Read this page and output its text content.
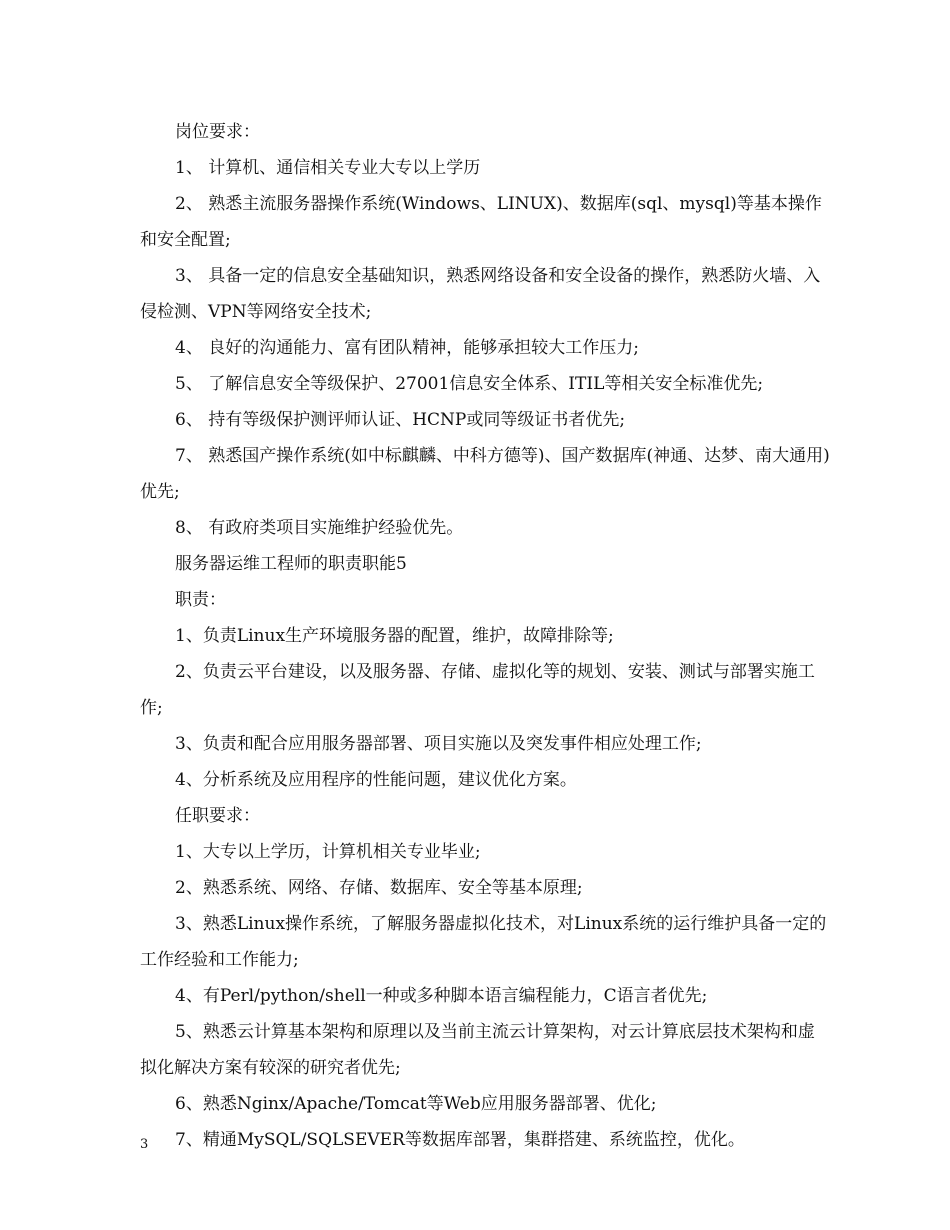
岗位要求：

1、 计算机、通信相关专业大专以上学历

2、 熟悉主流服务器操作系统(Windows、LINUX)、数据库(sql、mysql)等基本操作和安全配置;

3、 具备一定的信息安全基础知识，熟悉网络设备和安全设备的操作，熟悉防火墙、入侵检测、VPN等网络安全技术;

4、 良好的沟通能力、富有团队精神，能够承担较大工作压力;

5、 了解信息安全等级保护、27001信息安全体系、ITIL等相关安全标准优先;

6、 持有等级保护测评师认证、HCNP或同等级证书者优先;

7、 熟悉国产操作系统(如中标麒麟、中科方德等)、国产数据库(神通、达梦、南大通用)优先;

8、 有政府类项目实施维护经验优先。

服务器运维工程师的职责职能5

职责：

1、负责Linux生产环境服务器的配置，维护，故障排除等;

2、负责云平台建设，以及服务器、存储、虚拟化等的规划、安装、测试与部署实施工作;

3、负责和配合应用服务器部署、项目实施以及突发事件相应处理工作;

4、分析系统及应用程序的性能问题，建议优化方案。

任职要求：

1、大专以上学历，计算机相关专业毕业;

2、熟悉系统、网络、存储、数据库、安全等基本原理;

3、熟悉Linux操作系统，了解服务器虚拟化技术，对Linux系统的运行维护具备一定的工作经验和工作能力;

4、有Perl/python/shell一种或多种脚本语言编程能力，C语言者优先;

5、熟悉云计算基本架构和原理以及当前主流云计算架构，对云计算底层技术架构和虚拟化解决方案有较深的研究者优先;

6、熟悉Nginx/Apache/Tomcat等Web应用服务器部署、优化;

7、精通MySQL/SQLSEVER等数据库部署，集群搭建、系统监控，优化。

3
